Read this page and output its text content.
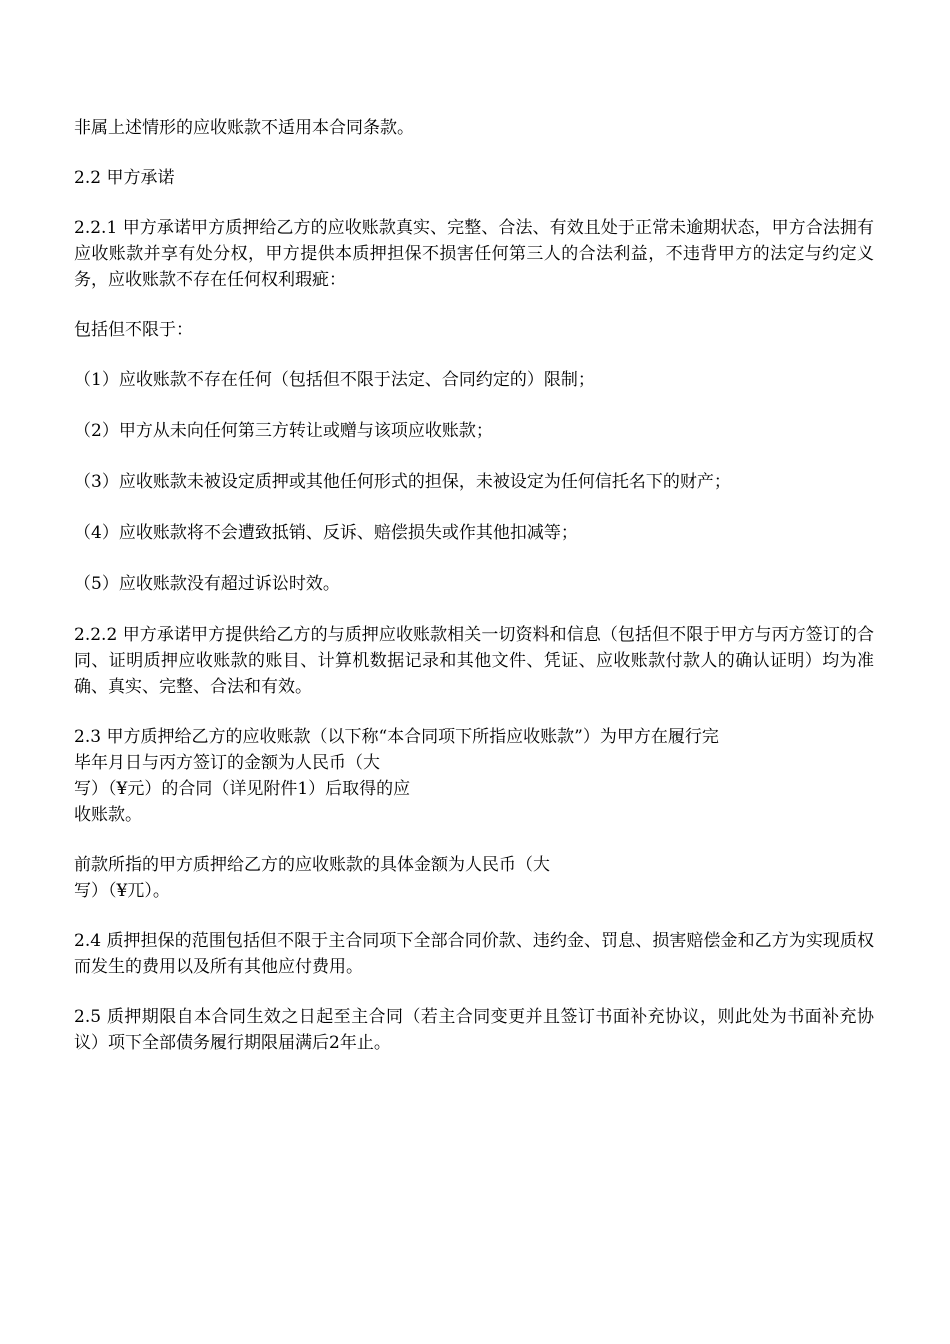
非属上述情形的应收账款不适用本合同条款。

2.2 甲方承诺

2.2.1 甲方承诺甲方质押给乙方的应收账款真实、完整、合法、有效且处于正常未逾期状态，甲方合法拥有应收账款并享有处分权，甲方提供本质押担保不损害任何第三人的合法利益，不违背甲方的法定与约定义务，应收账款不存在任何权利瑕疵：

包括但不限于：

（1）应收账款不存在任何（包括但不限于法定、合同约定的）限制；

（2）甲方从未向任何第三方转让或赠与该项应收账款；

（3）应收账款未被设定质押或其他任何形式的担保，未被设定为任何信托名下的财产；

（4）应收账款将不会遭致抵销、反诉、赔偿损失或作其他扣减等；

（5）应收账款没有超过诉讼时效。

2.2.2 甲方承诺甲方提供给乙方的与质押应收账款相关一切资料和信息（包括但不限于甲方与丙方签订的合同、证明质押应收账款的账目、计算机数据记录和其他文件、凭证、应收账款付款人的确认证明）均为准确、真实、完整、合法和有效。

2.3 甲方质押给乙方的应收账款（以下称“本合同项下所指应收账款”）为甲方在履行完
毕年月日与丙方签订的金额为人民币（大
写）（¥元）的合同（详见附件1）后取得的应
收账款。

前款所指的甲方质押给乙方的应收账款的具体金额为人民币（大
写）（¥兀）。

2.4 质押担保的范围包括但不限于主合同项下全部合同价款、违约金、罚息、损害赔偿金和乙方为实现质权而发生的费用以及所有其他应付费用。

2.5 质押期限自本合同生效之日起至主合同（若主合同变更并且签订书面补充协议，则此处为书面补充协议）项下全部债务履行期限届满后2年止。
